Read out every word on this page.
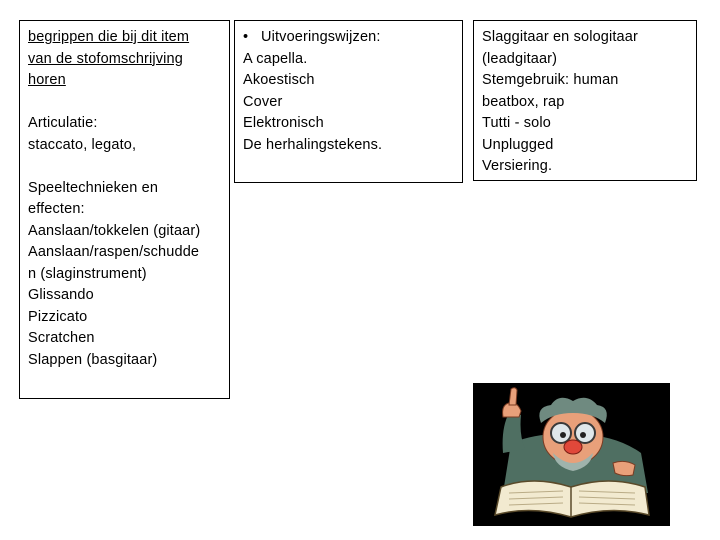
begrippen die bij dit item
van de stofomschrijving
horen
Articulatie:
staccato, legato,
Speeltechnieken en
effecten:
Aanslaan/tokkelen (gitaar)
Aanslaan/raspen/schudde
n (slaginstrument)
Glissando
Pizzicato
Scratchen
Slappen (basgitaar)
• Uitvoeringswijzen:
A capella.
Akoestisch
Cover
Elektronisch
De herhalingstekens.
Slaggitaar en sologitaar
(leadgitaar)
Stemgebruik: human
beatbox, rap
Tutti - solo
Unplugged
Versiering.
